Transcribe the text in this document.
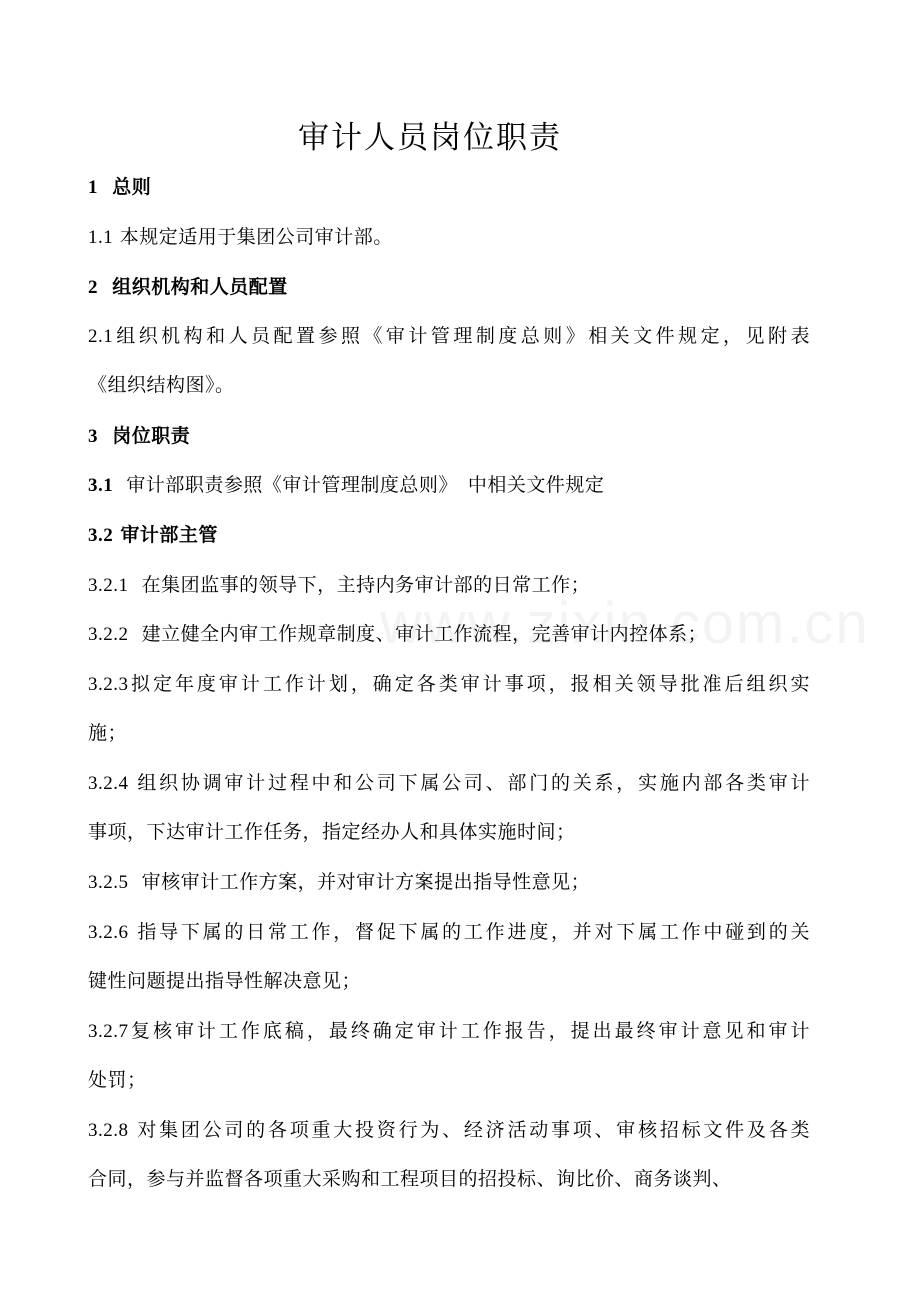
审计人员岗位职责
1 总则
1.1 本规定适用于集团公司审计部。
2 组织机构和人员配置
2.1组织机构和人员配置参照《审计管理制度总则》相关文件规定，见附表
《组织结构图》。
3 岗位职责
3.1 审计部职责参照《审计管理制度总则》　中相关文件规定
3.2 审计部主管
3.2.1 在集团监事的领导下，主持内务审计部的日常工作；
3.2.2 建立健全内审工作规章制度、审计工作流程，完善审计内控体系；
3.2.3拟定年度审计工作计划，确定各类审计事项，报相关领导批准后组织实
施；
3.2.4 组织协调审计过程中和公司下属公司、部门的关系，实施内部各类审计
事项，下达审计工作任务，指定经办人和具体实施时间；
3.2.5 审核审计工作方案，并对审计方案提出指导性意见；
3.2.6 指导下属的日常工作，督促下属的工作进度，并对下属工作中碰到的关
键性问题提出指导性解决意见；
3.2.7复核审计工作底稿，最终确定审计工作报告，提出最终审计意见和审计
处罚；
3.2.8 对集团公司的各项重大投资行为、经济活动事项、审核招标文件及各类
合同，参与并监督各项重大采购和工程项目的招投标、询比价、商务谈判、
